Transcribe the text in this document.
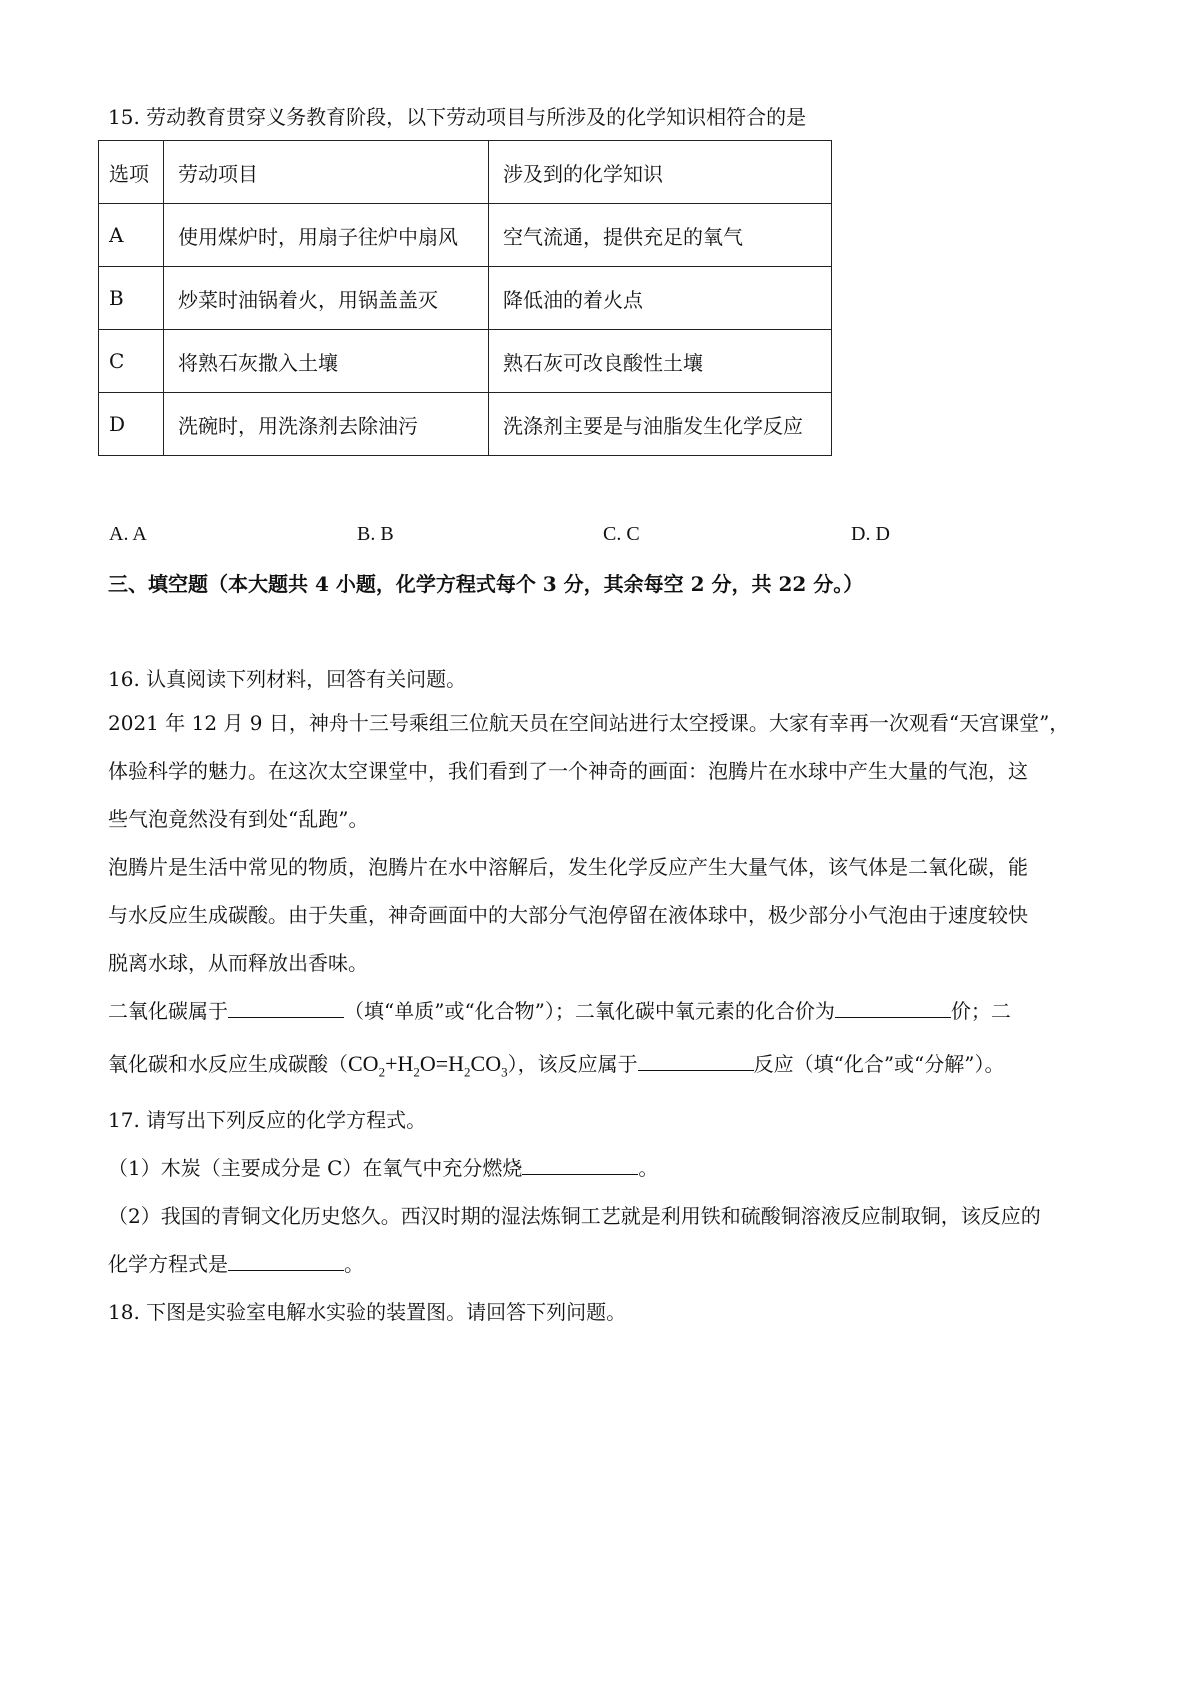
15. 劳动教育贯穿义务教育阶段，以下劳动项目与所涉及的化学知识相符合的是
选项	劳动项目	涉及到的化学知识
A	使用煤炉时，用扇子往炉中扇风	空气流通，提供充足的氧气
B	炒菜时油锅着火，用锅盖盖灭	降低油的着火点
C	将熟石灰撒入土壤	熟石灰可改良酸性土壤
D	洗碗时，用洗涤剂去除油污	洗涤剂主要是与油脂发生化学反应
A. A	B. B	C. C	D. D
三、填空题（本大题共 4 小题，化学方程式每个 3 分，其余每空 2 分，共 22 分。）
16. 认真阅读下列材料，回答有关问题。
2021 年 12 月 9 日，神舟十三号乘组三位航天员在空间站进行太空授课。大家有幸再一次观看“天宫课堂”，
体验科学的魅力。在这次太空课堂中，我们看到了一个神奇的画面：泡腾片在水球中产生大量的气泡，这
些气泡竟然没有到处“乱跑”。
泡腾片是生活中常见的物质，泡腾片在水中溶解后，发生化学反应产生大量气体，该气体是二氧化碳，能
与水反应生成碳酸。由于失重，神奇画面中的大部分气泡停留在液体球中，极少部分小气泡由于速度较快
脱离水球，从而释放出香味。
二氧化碳属于	（填“单质”或“化合物”）；二氧化碳中氧元素的化合价为	价；二
氧化碳和水反应生成碳酸$(CO_2+H_2O=H_2CO_3)$，该反应属于	反应（填“化合”或“分解”）。
17. 请写出下列反应的化学方程式。
（1）木炭（主要成分是 C）在氧气中充分燃烧	。
（2）我国的青铜文化历史悠久。西汉时期的湿法炼铜工艺就是利用铁和硫酸铜溶液反应制取铜，该反应的
化学方程式是	。
18. 下图是实验室电解水实验的装置图。请回答下列问题。
